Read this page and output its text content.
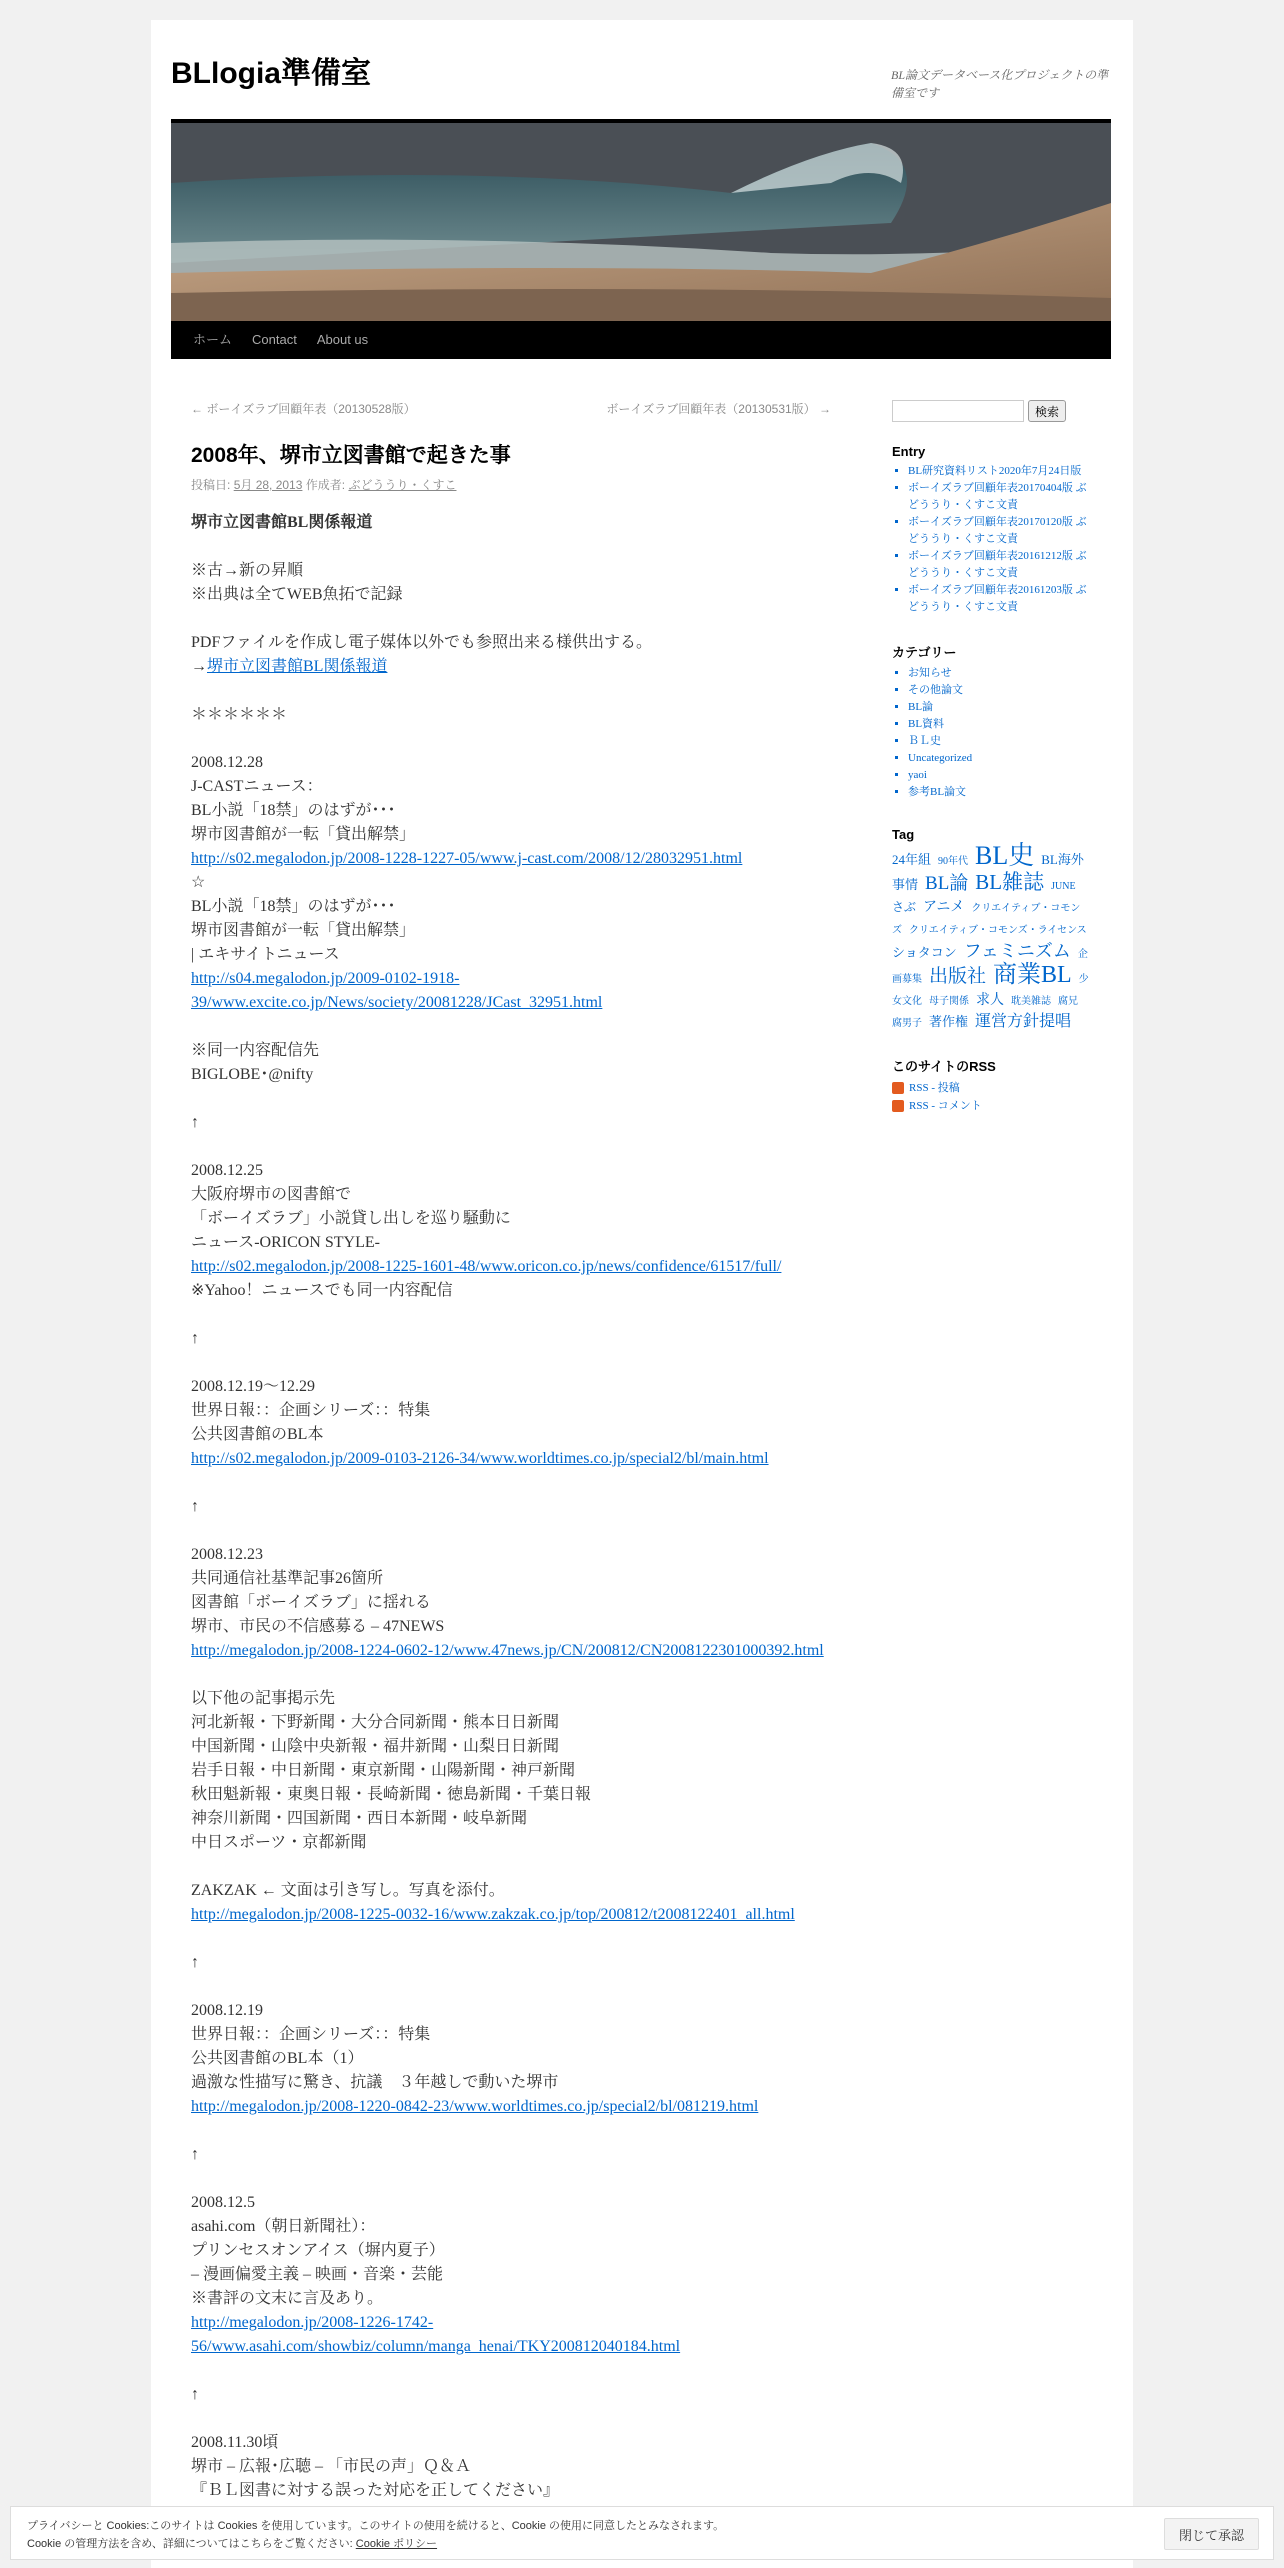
BLlogia準備室	BL論文データベース化プロジェクトの準備室です
ホーム	Contact	About us
← ボーイズラブ回顧年表（20130528版）	ボーイズラブ回顧年表（20130531版） →
2008年、堺市立図書館で起きた事
投稿日: 5月 28, 2013 作成者: ぶどううり・くすこ

堺市立図書館BL関係報道

※古→新の昇順
※出典は全てWEB魚拓で記録

PDFファイルを作成し電子媒体以外でも参照出来る様供出する。
→堺市立図書館BL関係報道

＊＊＊＊＊＊

2008.12.28
J-CASTニュース：
BL小説「18禁」のはずが･･･
堺市図書館が一転「貸出解禁」
http://s02.megalodon.jp/2008-1228-1227-05/www.j-cast.com/2008/12/28032951.html
☆
BL小説「18禁」のはずが･･･
堺市図書館が一転「貸出解禁」
| エキサイトニュース
http://s04.megalodon.jp/2009-0102-1918-
39/www.excite.co.jp/News/society/20081228/JCast_32951.html

※同一内容配信先
BIGLOBE･@nifty

↑

2008.12.25
大阪府堺市の図書館で
「ボーイズラブ」小説貸し出しを巡り騒動に
ニュース-ORICON STYLE-
http://s02.megalodon.jp/2008-1225-1601-48/www.oricon.co.jp/news/confidence/61517/full/
※Yahoo！ニュースでも同一内容配信

↑

2008.12.19～12.29
世界日報：：企画シリーズ：：特集
公共図書館のBL本
http://s02.megalodon.jp/2009-0103-2126-34/www.worldtimes.co.jp/special2/bl/main.html

↑

2008.12.23
共同通信社基準記事26箇所
図書館「ボーイズラブ」に揺れる
堺市、市民の不信感募る – 47NEWS
http://megalodon.jp/2008-1224-0602-12/www.47news.jp/CN/200812/CN2008122301000392.html

以下他の記事掲示先
河北新報・下野新聞・大分合同新聞・熊本日日新聞
中国新聞・山陰中央新報・福井新聞・山梨日日新聞
岩手日報・中日新聞・東京新聞・山陽新聞・神戸新聞
秋田魁新報・東奥日報・長崎新聞・徳島新聞・千葉日報
神奈川新聞・四国新聞・西日本新聞・岐阜新聞
中日スポーツ・京都新聞

ZAKZAK ← 文面は引き写し。写真を添付。
http://megalodon.jp/2008-1225-0032-16/www.zakzak.co.jp/top/200812/t2008122401_all.html

↑

2008.12.19
世界日報：：企画シリーズ：：特集
公共図書館のBL本（1）
過激な性描写に驚き、抗議　３年越しで動いた堺市
http://megalodon.jp/2008-1220-0842-23/www.worldtimes.co.jp/special2/bl/081219.html

↑

2008.12.5
asahi.com（朝日新聞社）：
プリンセスオンアイス（塀内夏子）
– 漫画偏愛主義 – 映画・音楽・芸能
※書評の文末に言及あり。
http://megalodon.jp/2008-1226-1742-
56/www.asahi.com/showbiz/column/manga_henai/TKY200812040184.html

↑

2008.11.30頃
堺市 – 広報･広聴 – 「市民の声」Ｑ＆Ａ
『ＢＬ図書に対する誤った対応を正してください』

検索
Entry
▪ BL研究資料リスト2020年7月24日版
▪ ボーイズラブ回顧年表20170404版 ぶどううり・くすこ文責
▪ ボーイズラブ回顧年表20170120版 ぶどううり・くすこ文責
▪ ボーイズラブ回顧年表20161212版 ぶどううり・くすこ文責
▪ ボーイズラブ回顧年表20161203版 ぶどううり・くすこ文責
カテゴリー
▪ お知らせ
▪ その他論文
▪ BL論
▪ BL資料
▪ ＢＬ史
▪ Uncategorized
▪ yaoi
▪ 参考BL論文
Tag
24年組 90年代 BL史 BL海外事情 BL論 BL雑誌 JUNE さぶ アニメ クリエイティブ・コモンズ クリエイティブ・コモンズ・ライセンス ショタコン フェミニズム 企画募集 出版社 商業BL 少女文化 母子関係 求人 耽美雑誌 腐兄 腐男子 著作権 運営方針提唱
このサイトのRSS
RSS - 投稿
RSS - コメント
プライバシーと Cookies:このサイトは Cookies を使用しています。このサイトの使用を続けると、Cookie の使用に同意したとみなされます。
Cookie の管理方法を含め、詳細についてはこちらをご覧ください: Cookie ポリシー
閉じて承認
